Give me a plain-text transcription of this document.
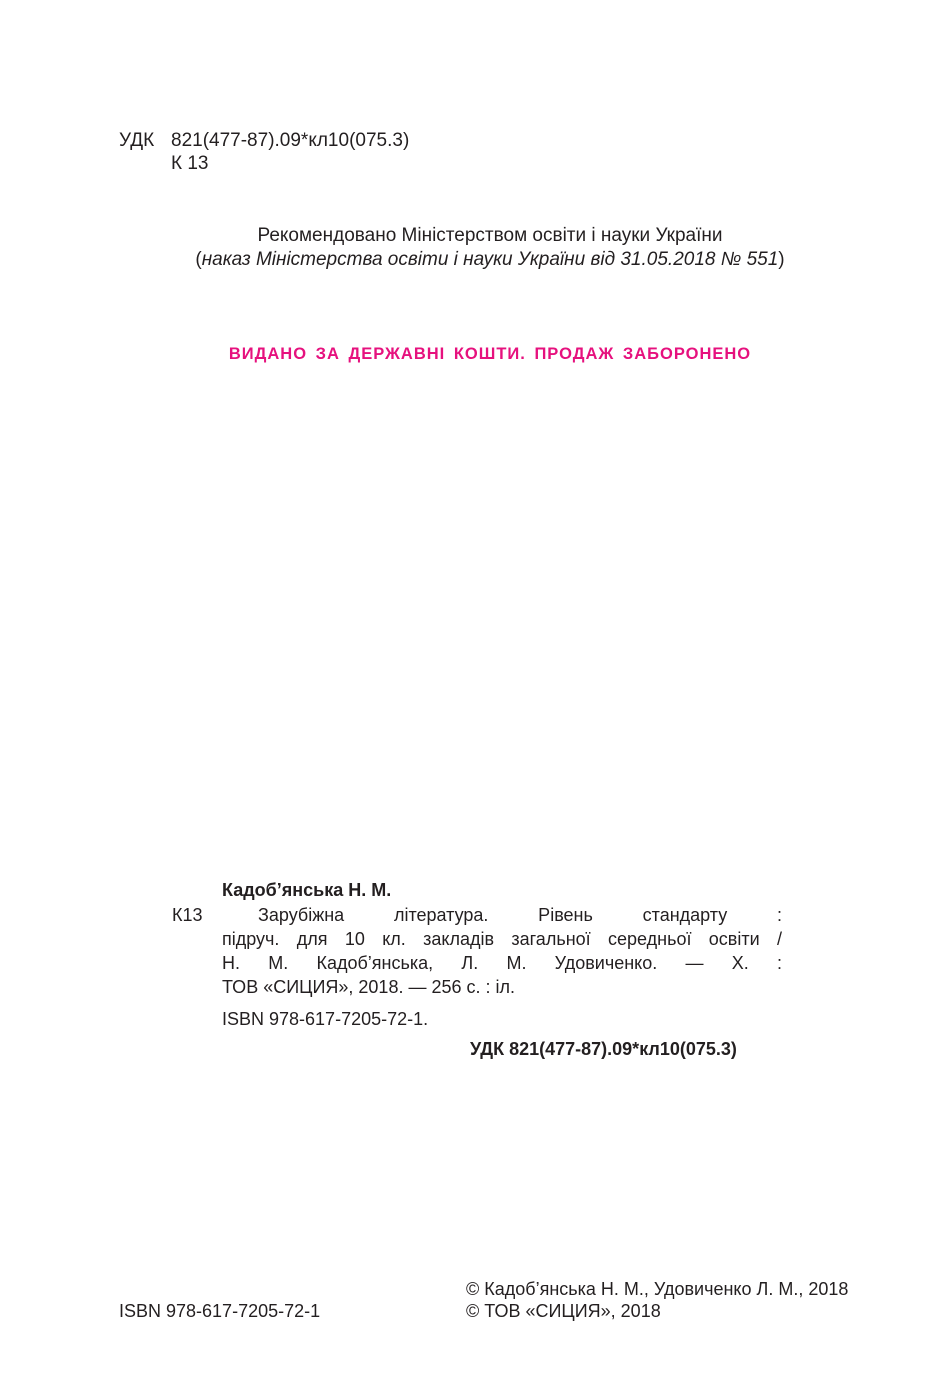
УДК 821(477-87).09*кл10(075.3)
К 13
Рекомендовано Міністерством освіти і науки України
(наказ Міністерства освіти і науки України від 31.05.2018 № 551)
ВИДАНО ЗА ДЕРЖАВНІ КОШТИ. ПРОДАЖ ЗАБОРОНЕНО
Кадоб’янська Н. М.
К13	Зарубіжна література. Рівень стандарту :
підруч. для 10 кл. закладів загальної середньої освіти /
Н. М. Кадоб’янська, Л. М. Удовиченко. — Х. :
ТОВ «СИЦИЯ», 2018. — 256 с. : іл.
ISBN 978-617-7205-72-1.
УДК 821(477-87).09*кл10(075.3)
ISBN 978-617-7205-72-1
© Кадоб’янська Н. М., Удовиченко Л. М., 2018
© ТОВ «СИЦИЯ», 2018
